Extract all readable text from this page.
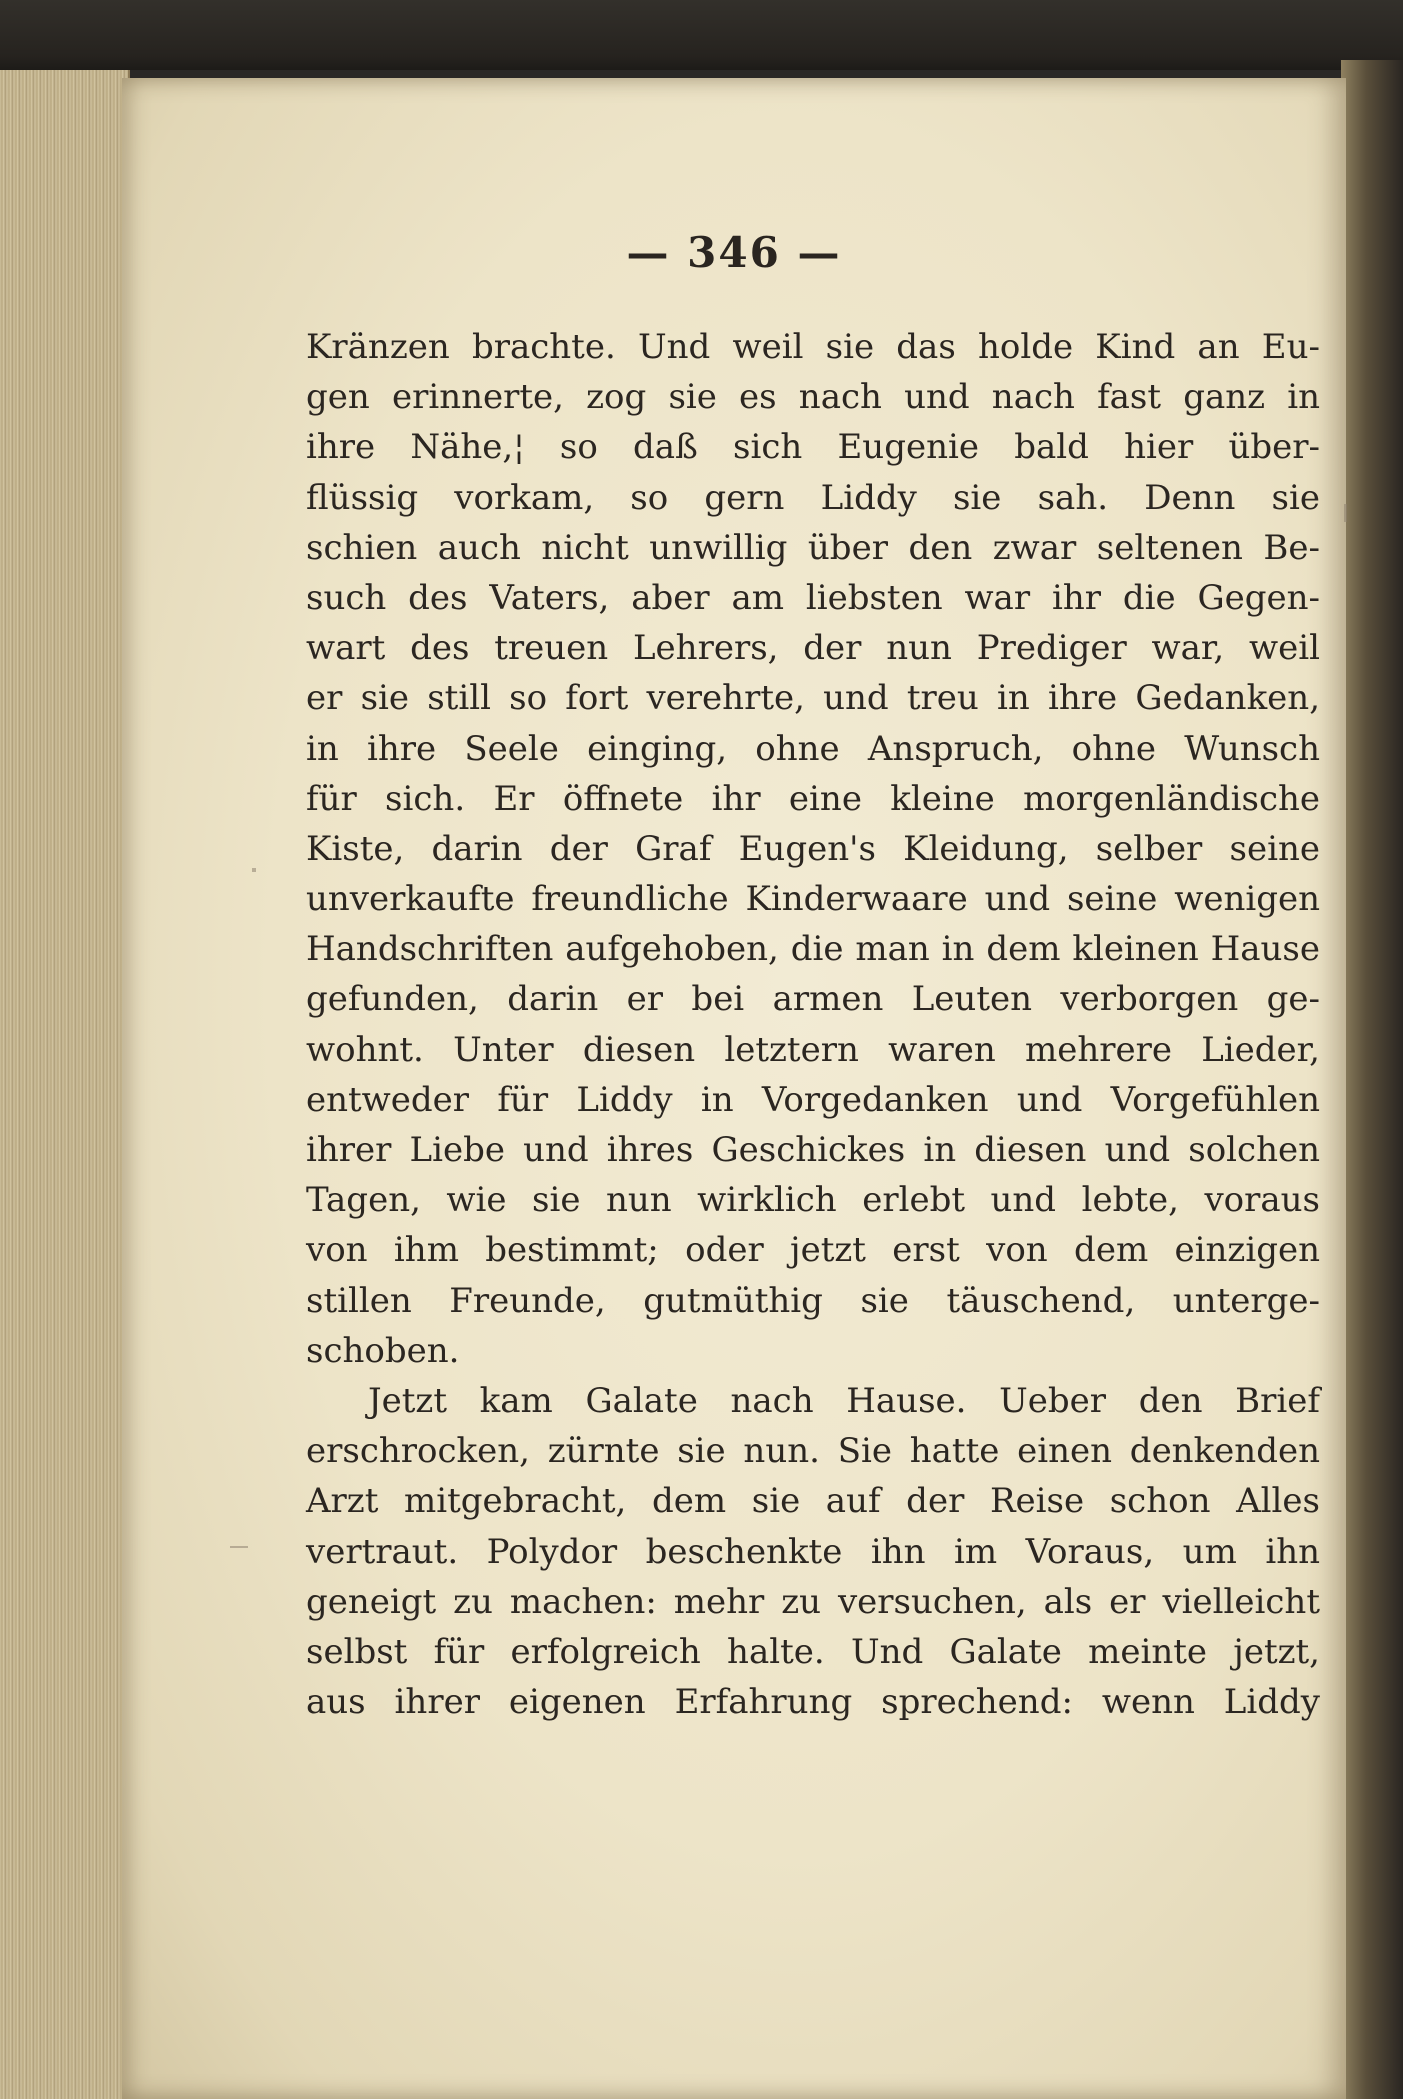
— 346 —
Kränzen brachte. Und weil sie das holde Kind an Eu-
gen erinnerte, zog sie es nach und nach fast ganz in
ihre Nähe,¦ so daß sich Eugenie bald hier über-
flüssig vorkam, so gern Liddy sie sah. Denn sie
schien auch nicht unwillig über den zwar seltenen Be-
such des Vaters, aber am liebsten war ihr die Gegen-
wart des treuen Lehrers, der nun Prediger war, weil
er sie still so fort verehrte, und treu in ihre Gedanken,
in ihre Seele einging, ohne Anspruch, ohne Wunsch
für sich. Er öffnete ihr eine kleine morgenländische
Kiste, darin der Graf Eugen's Kleidung, selber seine
unverkaufte freundliche Kinderwaare und seine wenigen
Handschriften aufgehoben, die man in dem kleinen Hause
gefunden, darin er bei armen Leuten verborgen ge-
wohnt. Unter diesen letztern waren mehrere Lieder,
entweder für Liddy in Vorgedanken und Vorgefühlen
ihrer Liebe und ihres Geschickes in diesen und solchen
Tagen, wie sie nun wirklich erlebt und lebte, voraus
von ihm bestimmt; oder jetzt erst von dem einzigen
stillen Freunde, gutmüthig sie täuschend, unterge-
schoben.
Jetzt kam Galate nach Hause. Ueber den Brief
erschrocken, zürnte sie nun. Sie hatte einen denkenden
Arzt mitgebracht, dem sie auf der Reise schon Alles
vertraut. Polydor beschenkte ihn im Voraus, um ihn
geneigt zu machen: mehr zu versuchen, als er vielleicht
selbst für erfolgreich halte. Und Galate meinte jetzt,
aus ihrer eigenen Erfahrung sprechend: wenn Liddy
